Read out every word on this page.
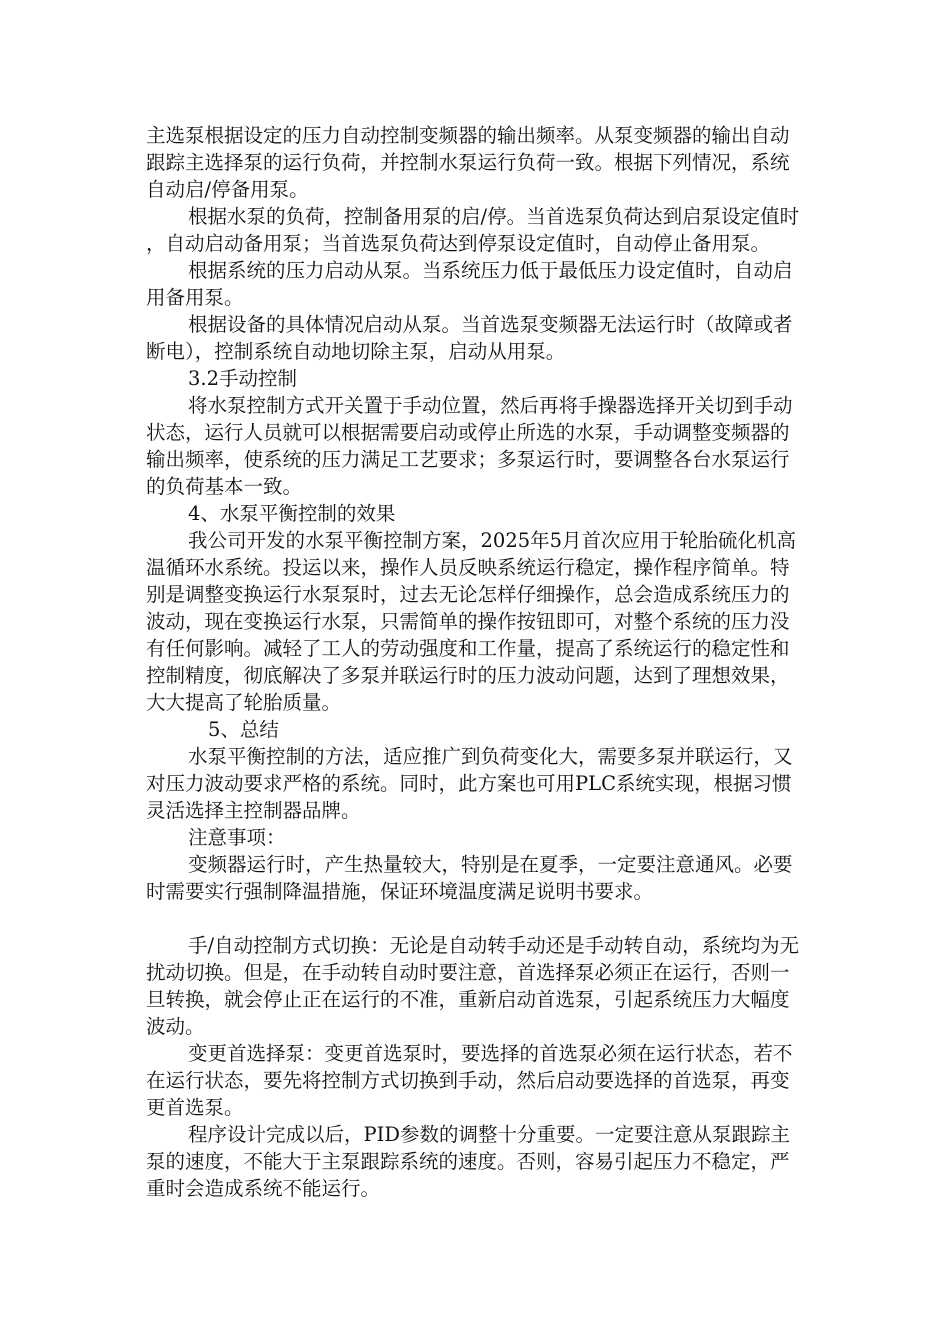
主选泵根据设定的压力自动控制变频器的输出频率。从泵变频器的输出自动跟踪主选择泵的运行负荷，并控制水泵运行负荷一致。根据下列情况，系统自动启/停备用泵。

根据水泵的负荷，控制备用泵的启/停。当首选泵负荷达到启泵设定值时，自动启动备用泵；当首选泵负荷达到停泵设定值时，自动停止备用泵。

根据系统的压力启动从泵。当系统压力低于最低压力设定值时，自动启用备用泵。

根据设备的具体情况启动从泵。当首选泵变频器无法运行时（故障或者断电），控制系统自动地切除主泵，启动从用泵。

3.2手动控制

将水泵控制方式开关置于手动位置，然后再将手操器选择开关切到手动状态，运行人员就可以根据需要启动或停止所选的水泵，手动调整变频器的输出频率，使系统的压力满足工艺要求；多泵运行时，要调整各台水泵运行的负荷基本一致。

4、水泵平衡控制的效果

我公司开发的水泵平衡控制方案，2025年5月首次应用于轮胎硫化机高温循环水系统。投运以来，操作人员反映系统运行稳定，操作程序简单。特别是调整变换运行水泵泵时，过去无论怎样仔细操作，总会造成系统压力的波动，现在变换运行水泵，只需简单的操作按钮即可，对整个系统的压力没有任何影响。减轻了工人的劳动强度和工作量，提高了系统运行的稳定性和控制精度，彻底解决了多泵并联运行时的压力波动问题，达到了理想效果，大大提高了轮胎质量。

5、总结

水泵平衡控制的方法，适应推广到负荷变化大，需要多泵并联运行，又对压力波动要求严格的系统。同时，此方案也可用PLC系统实现，根据习惯灵活选择主控制器品牌。

注意事项：

变频器运行时，产生热量较大，特别是在夏季，一定要注意通风。必要时需要实行强制降温措施，保证环境温度满足说明书要求。

手/自动控制方式切换：无论是自动转手动还是手动转自动，系统均为无扰动切换。但是，在手动转自动时要注意，首选择泵必须正在运行，否则一旦转换，就会停止正在运行的不准，重新启动首选泵，引起系统压力大幅度波动。

变更首选择泵：变更首选泵时，要选择的首选泵必须在运行状态，若不在运行状态，要先将控制方式切换到手动，然后启动要选择的首选泵，再变更首选泵。

程序设计完成以后，PID参数的调整十分重要。一定要注意从泵跟踪主泵的速度，不能大于主泵跟踪系统的速度。否则，容易引起压力不稳定，严重时会造成系统不能运行。
